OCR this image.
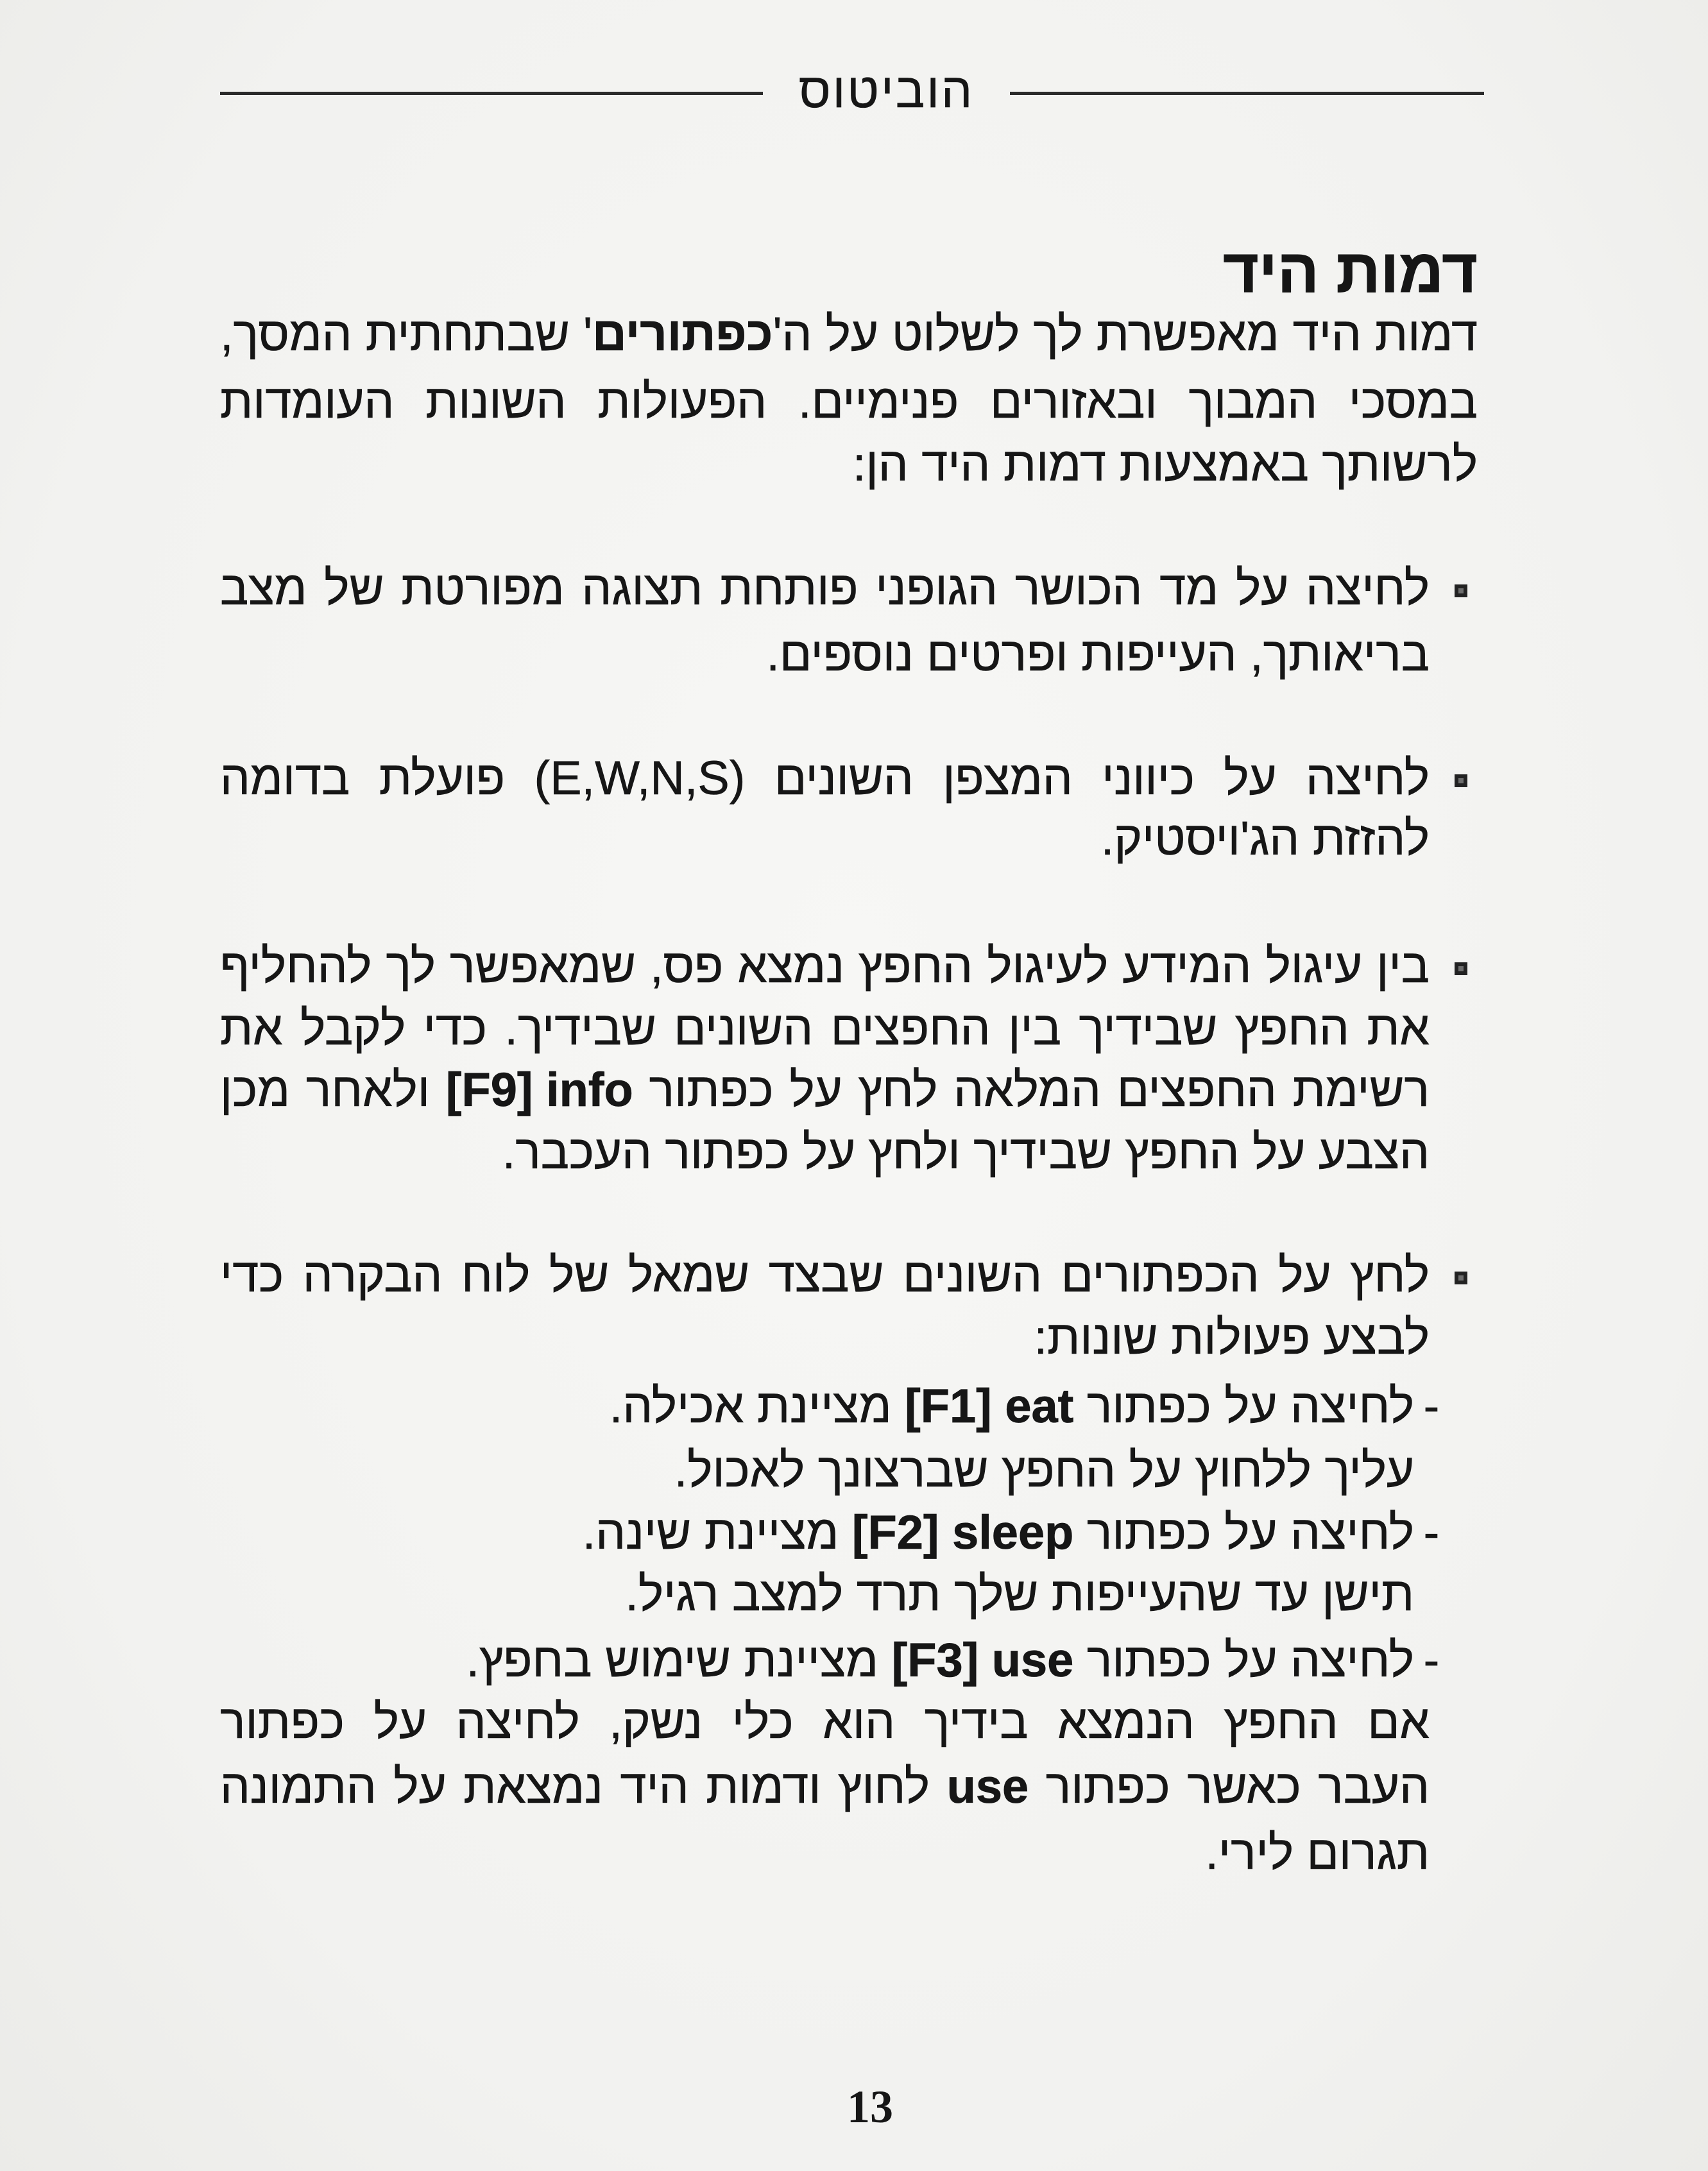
הוביטוס
דמות היד
דמות היד מאפשרת לך לשלוט על ה'כפתורים' שבתחתית המסך,
במסכי המבוך ובאזורים פנימיים. הפעולות השונות העומדות
לרשותך באמצעות דמות היד הן:
לחיצה על מד הכושר הגופני פותחת תצוגה מפורטת של מצב
בריאותך, העייפות ופרטים נוספים.
לחיצה על כיווני המצפן השונים (E,W,N,S) פועלת בדומה
להזזת הג'ויסטיק.
בין עיגול המידע לעיגול החפץ נמצא פס, שמאפשר לך להחליף
את החפץ שבידיך בין החפצים השונים שבידיך. כדי לקבל את
רשימת החפצים המלאה לחץ על כפתור [F9] info ולאחר מכן
הצבע על החפץ שבידיך ולחץ על כפתור העכבר.
לחץ על הכפתורים השונים שבצד שמאל של לוח הבקרה כדי
לבצע פעולות שונות:
-
לחיצה על כפתור [F1] eat מציינת אכילה.
עליך ללחוץ על החפץ שברצונך לאכול.
-
לחיצה על כפתור [F2] sleep מציינת שינה.
תישן עד שהעייפות שלך תרד למצב רגיל.
-
לחיצה על כפתור [F3] use מציינת שימוש בחפץ.
אם החפץ הנמצא בידיך הוא כלי נשק, לחיצה על כפתור
העבר כאשר כפתור use לחוץ ודמות היד נמצאת על התמונה
תגרום לירי.
13
